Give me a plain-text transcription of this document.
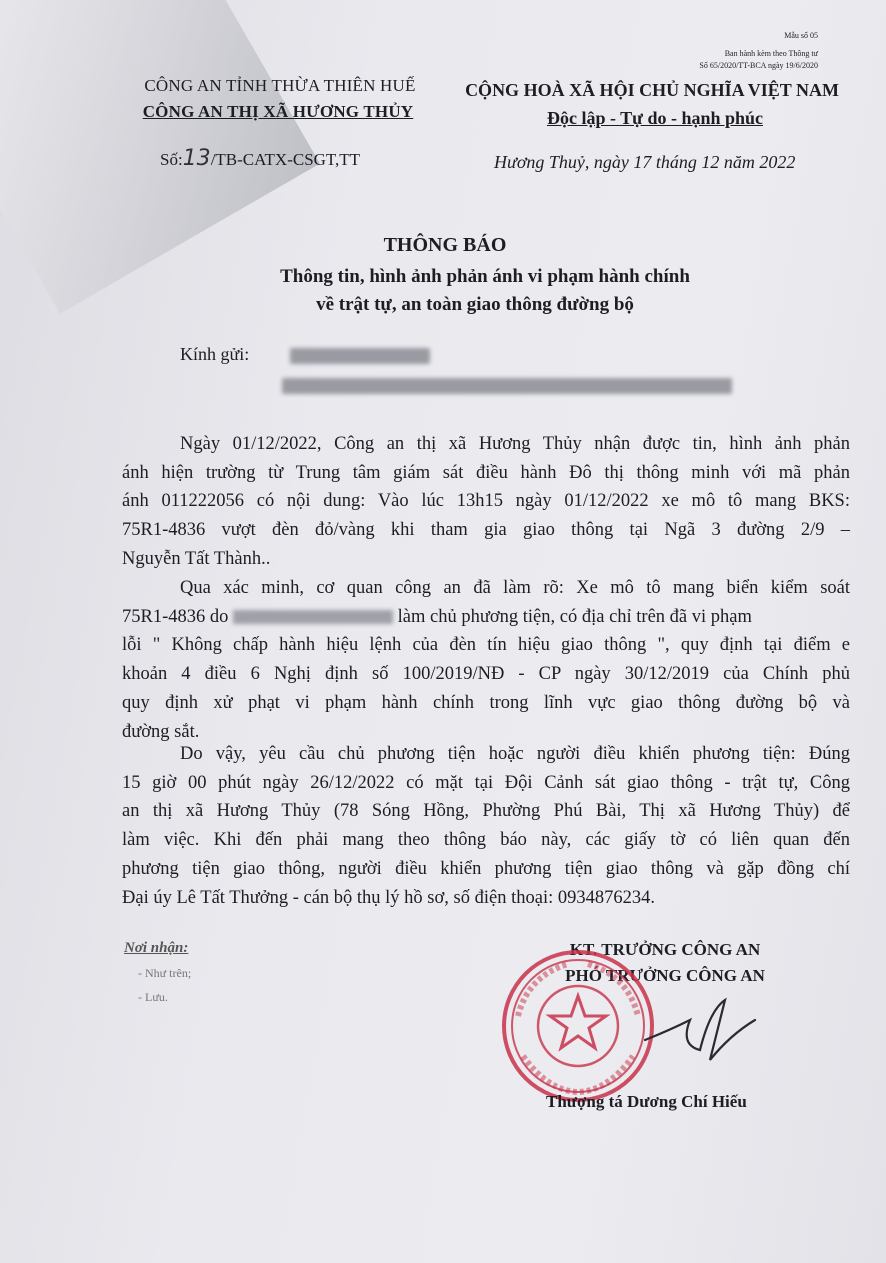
Mẫu số 05
Ban hành kèm theo Thông tư
Số 65/2020/TT-BCA ngày 19/6/2020
CÔNG AN TỈNH THỪA THIÊN HUẾ
CÔNG AN THỊ XÃ HƯƠNG THỦY
CỘNG HOÀ XÃ HỘI CHỦ NGHĨA VIỆT NAM
Độc lập - Tự do - hạnh phúc
Số:13/TB-CATX-CSGT,TT	Hương Thuỷ, ngày 17 tháng 12 năm 2022
THÔNG BÁO
Thông tin, hình ảnh phản ánh vi phạm hành chính
về trật tự, an toàn giao thông đường bộ
Kính gửi:
Ngày 01/12/2022, Công an thị xã Hương Thủy nhận được tin, hình ảnh phản
ánh hiện trường từ Trung tâm giám sát điều hành Đô thị thông minh với mã phản
ánh 011222056 có nội dung: Vào lúc 13h15 ngày 01/12/2022 xe mô tô mang BKS:
75R1-4836 vượt đèn đỏ/vàng khi tham gia giao thông tại Ngã 3 đường 2/9 –
Nguyễn Tất Thành..
Qua xác minh, cơ quan công an đã làm rõ: Xe mô tô mang biển kiểm soát
75R1-4836 do	làm chủ phương tiện, có địa chỉ trên đã vi phạm
lỗi " Không chấp hành hiệu lệnh của đèn tín hiệu giao thông ", quy định tại điểm e
khoản 4 điều 6 Nghị định số 100/2019/NĐ - CP ngày 30/12/2019 của Chính phủ
quy định xử phạt vi phạm hành chính trong lĩnh vực giao thông đường bộ và
đường sắt.
Do vậy, yêu cầu chủ phương tiện hoặc người điều khiển phương tiện: Đúng
15 giờ 00 phút ngày 26/12/2022 có mặt tại Đội Cảnh sát giao thông - trật tự, Công
an thị xã Hương Thủy (78 Sóng Hồng, Phường Phú Bài, Thị xã Hương Thủy) để
làm việc. Khi đến phải mang theo thông báo này, các giấy tờ có liên quan đến
phương tiện giao thông, người điều khiển phương tiện giao thông và gặp đồng chí
Đại úy Lê Tất Thưởng - cán bộ thụ lý hồ sơ, số điện thoại: 0934876234.
Nơi nhận:
- Như trên;
- Lưu.
KT. TRƯỞNG CÔNG AN
PHÓ TRƯỞNG CÔNG AN
Thượng tá Dương Chí Hiếu
